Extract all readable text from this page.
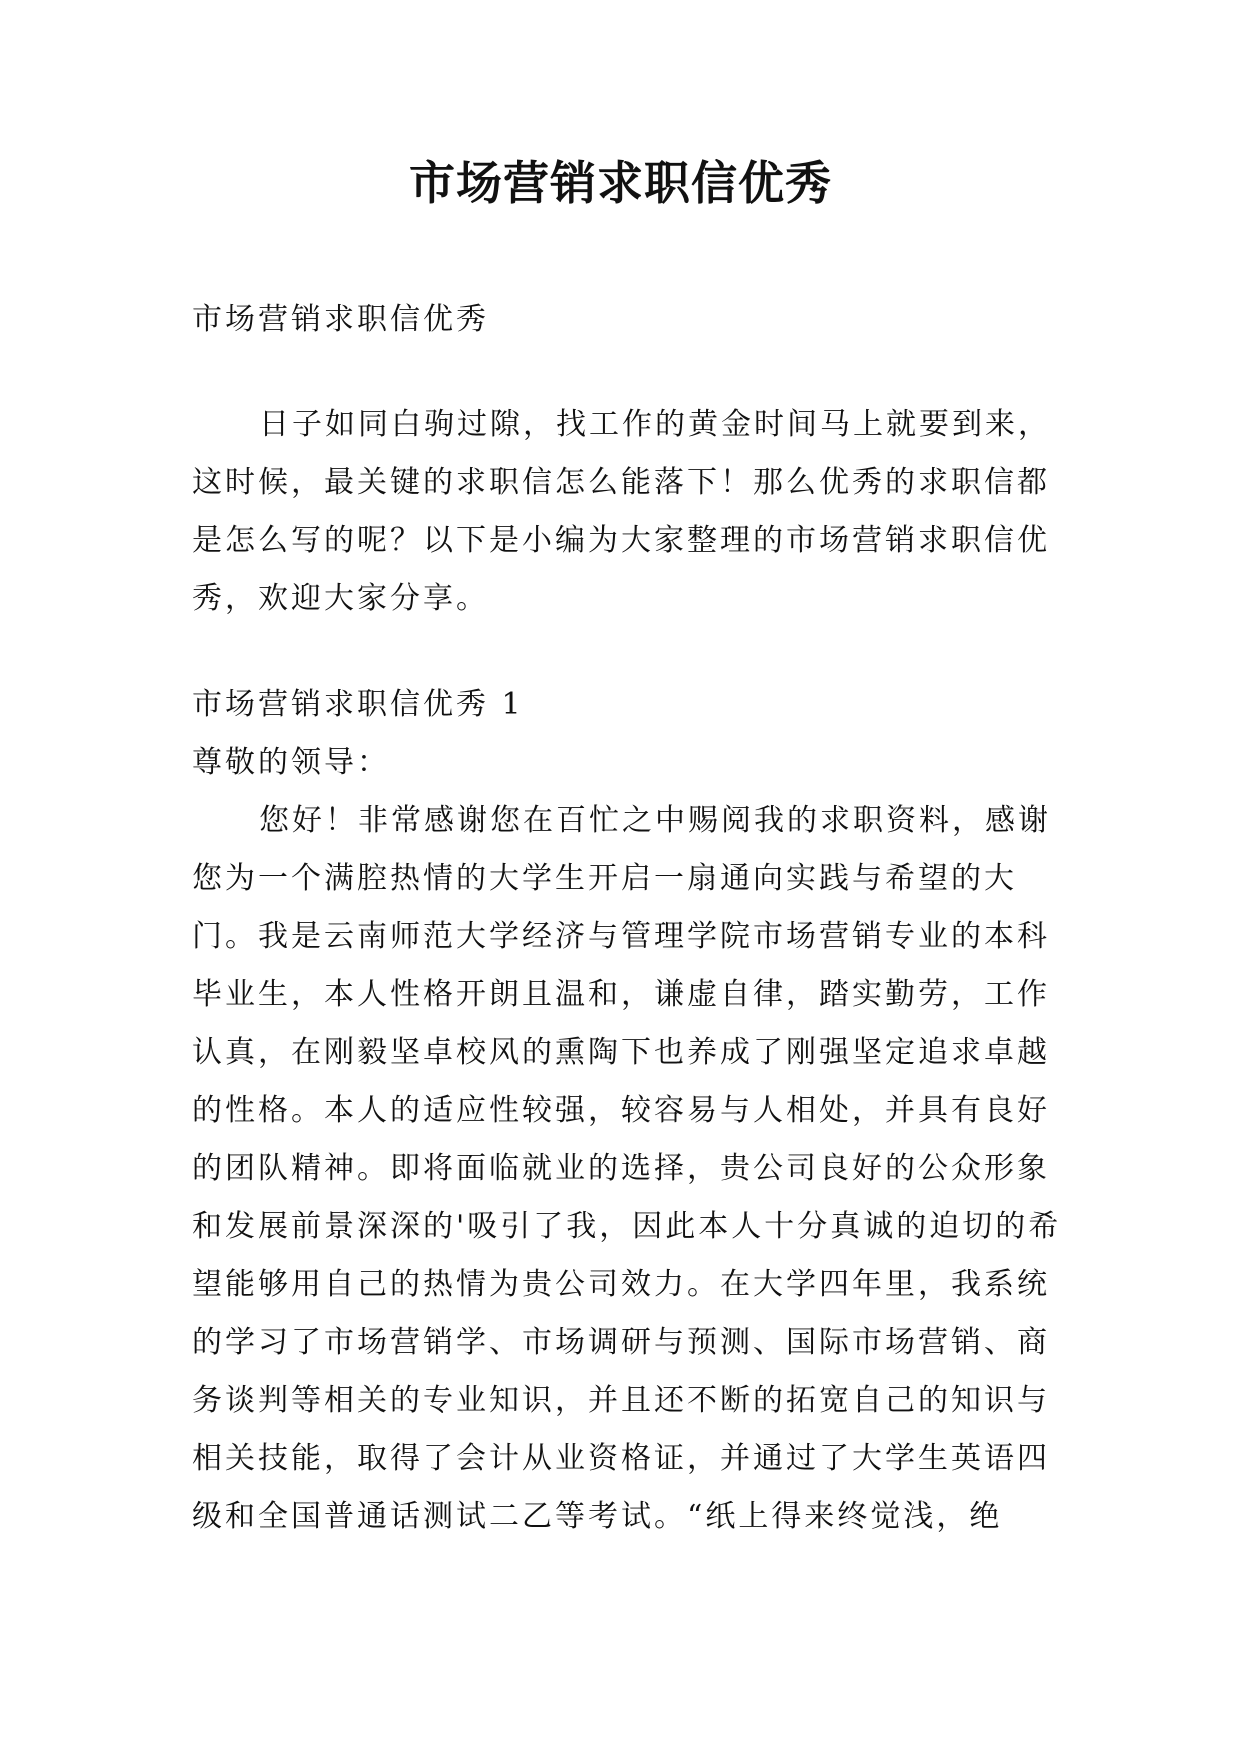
市场营销求职信优秀

市场营销求职信优秀

日子如同白驹过隙，找工作的黄金时间马上就要到来，这时候，最关键的求职信怎么能落下！那么优秀的求职信都是怎么写的呢？以下是小编为大家整理的市场营销求职信优秀，欢迎大家分享。

市场营销求职信优秀 1

尊敬的领导：

您好！非常感谢您在百忙之中赐阅我的求职资料，感谢您为一个满腔热情的大学生开启一扇通向实践与希望的大门。我是云南师范大学经济与管理学院市场营销专业的本科毕业生，本人性格开朗且温和，谦虚自律，踏实勤劳，工作认真，在刚毅坚卓校风的熏陶下也养成了刚强坚定追求卓越的性格。本人的适应性较强，较容易与人相处，并具有良好的团队精神。即将面临就业的选择，贵公司良好的公众形象和发展前景深深的'吸引了我，因此本人十分真诚的迫切的希望能够用自己的热情为贵公司效力。在大学四年里，我系统的学习了市场营销学、市场调研与预测、国际市场营销、商务谈判等相关的专业知识，并且还不断的拓宽自己的知识与相关技能，取得了会计从业资格证，并通过了大学生英语四级和全国普通话测试二乙等考试。“纸上得来终觉浅，绝
